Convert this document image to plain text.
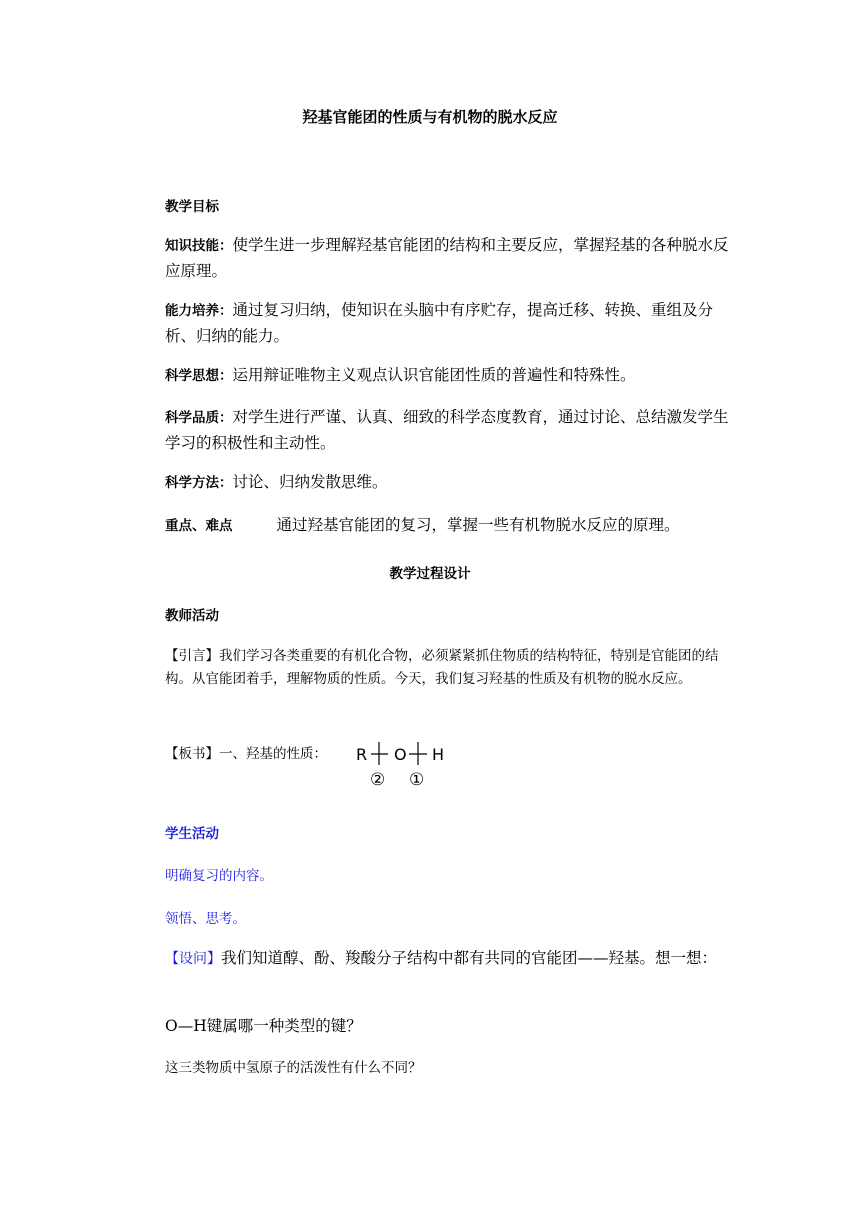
羟基官能团的性质与有机物的脱水反应
教学目标

知识技能：使学生进一步理解羟基官能团的结构和主要反应，掌握羟基的各种脱水反应原理。

能力培养：通过复习归纳，使知识在头脑中有序贮存，提高迁移、转换、重组及分析、归纳的能力。

科学思想：运用辩证唯物主义观点认识官能团性质的普遍性和特殊性。

科学品质：对学生进行严谨、认真、细致的科学态度教育，通过讨论、总结激发学生学习的积极性和主动性。

科学方法：讨论、归纳发散思维。

重点、难点	通过羟基官能团的复习，掌握一些有机物脱水反应的原理。

教学过程设计
教师活动

【引言】我们学习各类重要的有机化合物，必须紧紧抓住物质的结构特征，特别是官能团的结构。从官能团着手，理解物质的性质。今天，我们复习羟基的性质及有机物的脱水反应。

【板书】一、羟基的性质：	R O H
② ①
学生活动
明确复习的内容。
领悟、思考。

【设问】我们知道醇、酚、羧酸分子结构中都有共同的官能团——羟基。想一想：

O—H键属哪一种类型的键？

这三类物质中氢原子的活泼性有什么不同？
